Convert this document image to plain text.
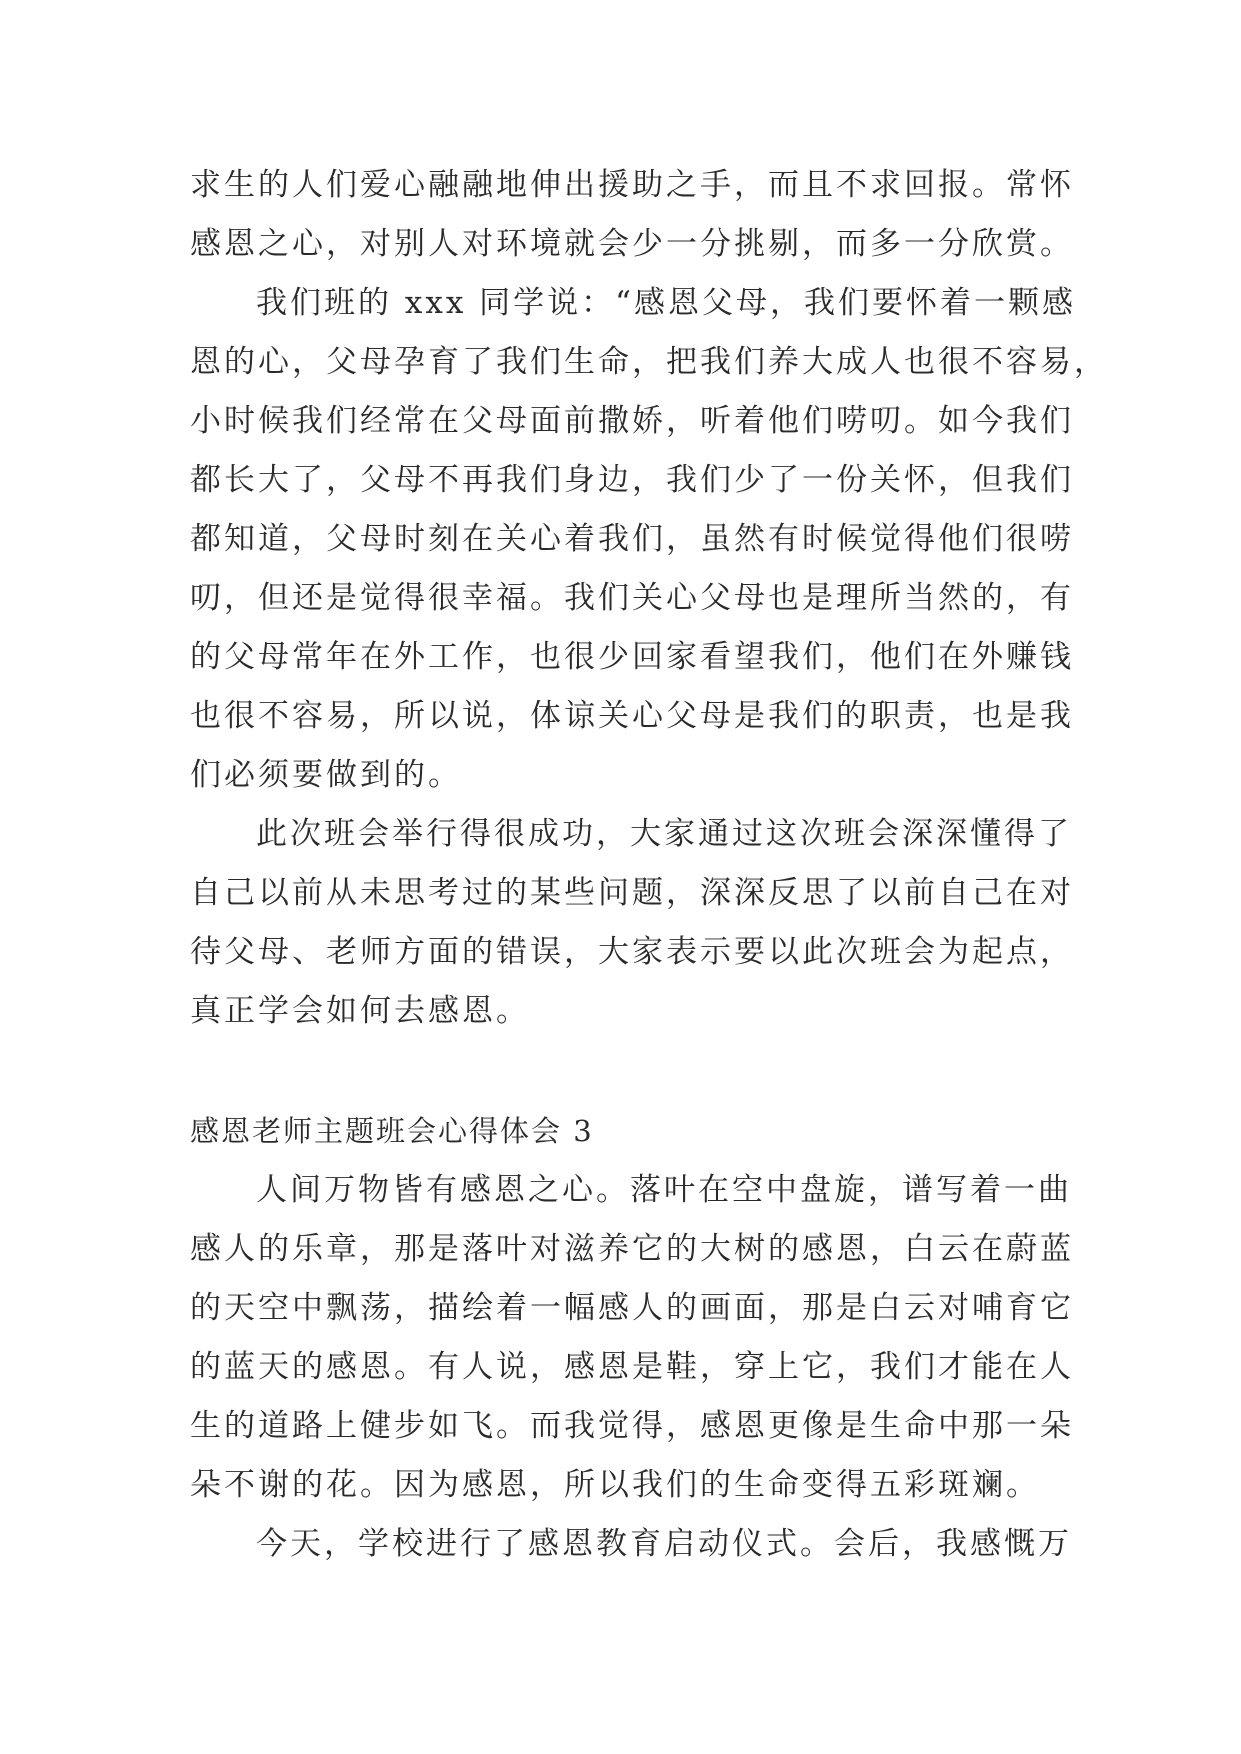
求生的人们爱心融融地伸出援助之手，而且不求回报。常怀
感恩之心，对别人对环境就会少一分挑剔，而多一分欣赏。
我们班的 xxx 同学说：“感恩父母，我们要怀着一颗感
恩的心，父母孕育了我们生命，把我们养大成人也很不容易，
小时候我们经常在父母面前撒娇，听着他们唠叨。如今我们
都长大了，父母不再我们身边，我们少了一份关怀，但我们
都知道，父母时刻在关心着我们，虽然有时候觉得他们很唠
叨，但还是觉得很幸福。我们关心父母也是理所当然的，有
的父母常年在外工作，也很少回家看望我们，他们在外赚钱
也很不容易，所以说，体谅关心父母是我们的职责，也是我
们必须要做到的。
此次班会举行得很成功，大家通过这次班会深深懂得了
自己以前从未思考过的某些问题，深深反思了以前自己在对
待父母、老师方面的错误，大家表示要以此次班会为起点，
真正学会如何去感恩。
感恩老师主题班会心得体会 3
人间万物皆有感恩之心。落叶在空中盘旋，谱写着一曲
感人的乐章，那是落叶对滋养它的大树的感恩，白云在蔚蓝
的天空中飘荡，描绘着一幅感人的画面，那是白云对哺育它
的蓝天的感恩。有人说，感恩是鞋，穿上它，我们才能在人
生的道路上健步如飞。而我觉得，感恩更像是生命中那一朵
朵不谢的花。因为感恩，所以我们的生命变得五彩斑斓。
今天，学校进行了感恩教育启动仪式。会后，我感慨万
